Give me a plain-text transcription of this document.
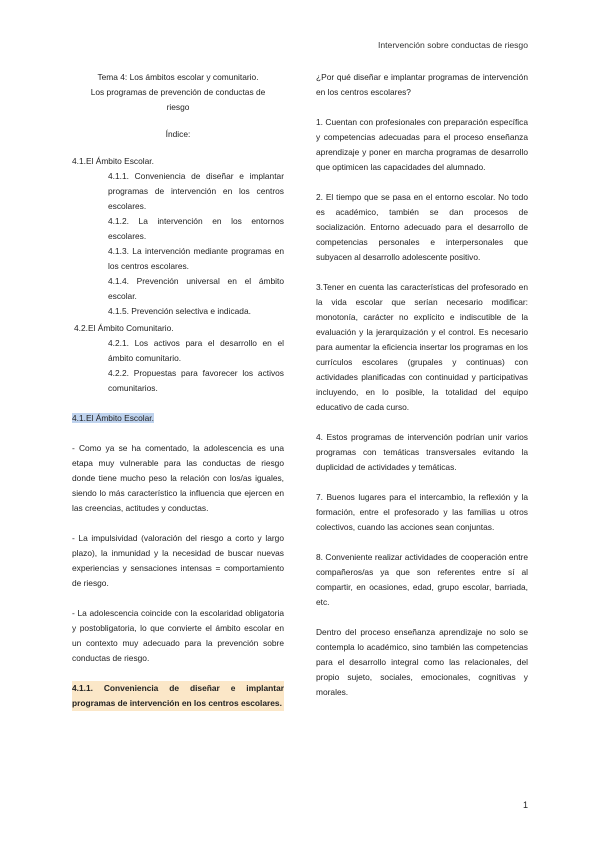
Intervención sobre conductas de riesgo
Tema 4: Los ámbitos escolar y comunitario.
Los programas de prevención de conductas de
riesgo
Índice:
4.1.El Ámbito Escolar.
4.1.1. Conveniencia de diseñar e implantar programas de intervención en los centros escolares.
4.1.2. La intervención en los entornos escolares.
4.1.3. La intervención mediante programas en los centros escolares.
4.1.4. Prevención universal en el ámbito escolar.
4.1.5. Prevención selectiva e indicada.
4.2.El Ámbito Comunitario.
4.2.1. Los activos para el desarrollo en el ámbito comunitario.
4.2.2. Propuestas para favorecer los activos comunitarios.
4.1.El Ámbito Escolar.

- Como ya se ha comentado, la adolescencia es una etapa muy vulnerable para las conductas de riesgo donde tiene mucho peso la relación con los/as iguales, siendo lo más característico la influencia que ejercen en las creencias, actitudes y conductas.

- La impulsividad (valoración del riesgo a corto y largo plazo), la inmunidad y la necesidad de buscar nuevas experiencias y sensaciones intensas = comportamiento de riesgo.

- La adolescencia coincide con la escolaridad obligatoria y postobligatoria, lo que convierte el ámbito escolar en un contexto muy adecuado para la prevención sobre conductas de riesgo.

4.1.1. Conveniencia de diseñar e implantar programas de intervención en los centros escolares.

¿Por qué diseñar e implantar programas de intervención en los centros escolares?

1. Cuentan con profesionales con preparación específica y competencias adecuadas para el proceso enseñanza aprendizaje y poner en marcha programas de desarrollo que optimicen las capacidades del alumnado.

2. El tiempo que se pasa en el entorno escolar. No todo es académico, también se dan procesos de socialización. Entorno adecuado para el desarrollo de competencias personales e interpersonales que subyacen al desarrollo adolescente positivo.

3.Tener en cuenta las características del profesorado en la vida escolar que serían necesario modificar: monotonía, carácter no explícito e indiscutible de la evaluación y la jerarquización y el control. Es necesario para aumentar la eficiencia insertar los programas en los currículos escolares (grupales y continuas) con actividades planificadas con continuidad y participativas incluyendo, en lo posible, la totalidad del equipo educativo de cada curso.

4. Estos programas de intervención podrían unir varios programas con temáticas transversales evitando la duplicidad de actividades y temáticas.

7. Buenos lugares para el intercambio, la reflexión y la formación, entre el profesorado y las familias u otros colectivos, cuando las acciones sean conjuntas.

8. Conveniente realizar actividades de cooperación entre compañeros/as ya que son referentes entre sí al compartir, en ocasiones, edad, grupo escolar, barriada, etc.

Dentro del proceso enseñanza aprendizaje no solo se contempla lo académico, sino también las competencias para el desarrollo integral como las relacionales, del propio sujeto, sociales, emocionales, cognitivas y morales.

1
